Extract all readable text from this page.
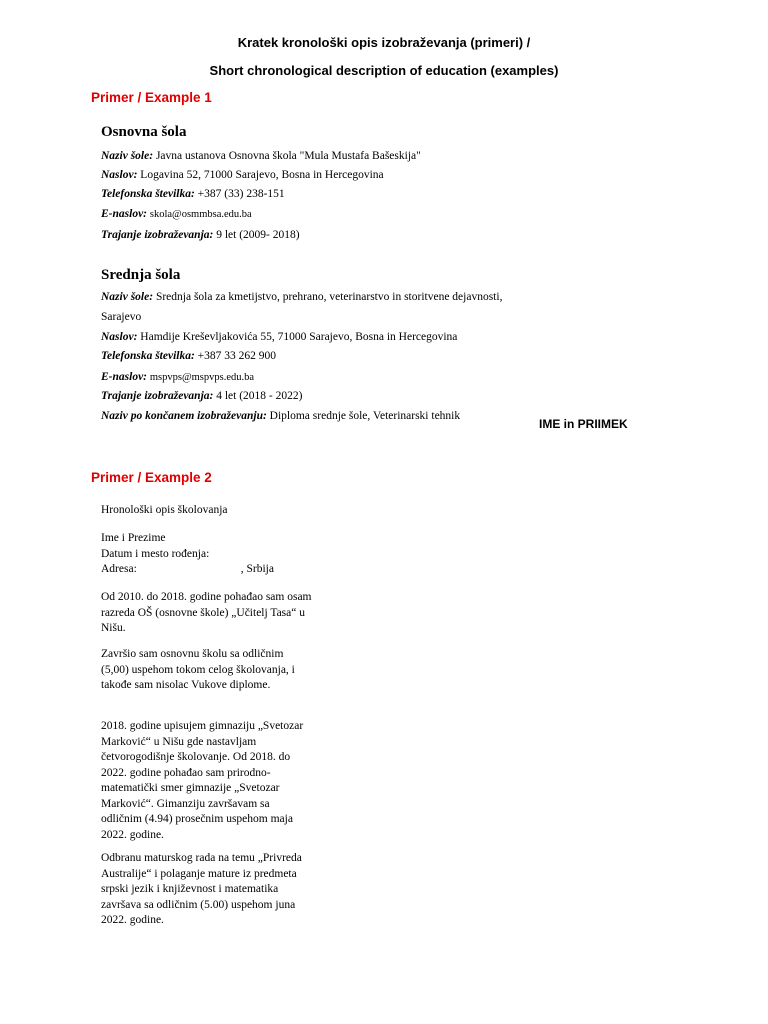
Kratek kronološki opis izobraževanja (primeri) /
Short chronological description of education (examples)
Primer / Example 1
Osnovna šola
Naziv šole: Javna ustanova Osnovna škola "Mula Mustafa Bašeskija"
Naslov: Logavina 52, 71000 Sarajevo, Bosna in Hercegovina
Telefonska številka: +387 (33) 238-151
E-naslov: skola@osmmbsa.edu.ba
Trajanje izobraževanja: 9 let (2009- 2018)
Srednja šola
Naziv šole: Srednja šola za kmetijstvo, prehrano, veterinarstvo in storitvene dejavnosti,
Sarajevo
Naslov: Hamdije Kreševljakovića 55, 71000 Sarajevo, Bosna in Hercegovina
Telefonska številka: +387 33 262 900
E-naslov: mspvps@mspvps.edu.ba
Trajanje izobraževanja: 4 let (2018 - 2022)
Naziv po končanem izobraževanju: Diploma srednje šole, Veterinarski tehnik
IME in PRIIMEK
Primer / Example 2
Hronološki opis školovanja
Ime i Prezime
Datum i mesto rođenja:
Adresa:	, Srbija
Od 2010. do 2018. godine pohađao sam osam
razreda OŠ (osnovne škole) „Učitelj Tasa“ u
Nišu.
Završio sam osnovnu školu sa odličnim
(5,00) uspehom tokom celog školovanja, i
takođe sam nisolac Vukove diplome.
2018. godine upisujem gimnaziju „Svetozar
Marković“ u Nišu gde nastavljam
četvorogodišnje školovanje. Od 2018. do
2022. godine pohađao sam prirodno-
matematički smer gimnazije „Svetozar
Marković“. Gimanziju završavam sa
odličnim (4.94) prosečnim uspehom maja
2022. godine.
Odbranu maturskog rada na temu „Privreda
Australije“ i polaganje mature iz predmeta
srpski jezik i književnost i matematika
završava sa odličnim (5.00) uspehom juna
2022. godine.
